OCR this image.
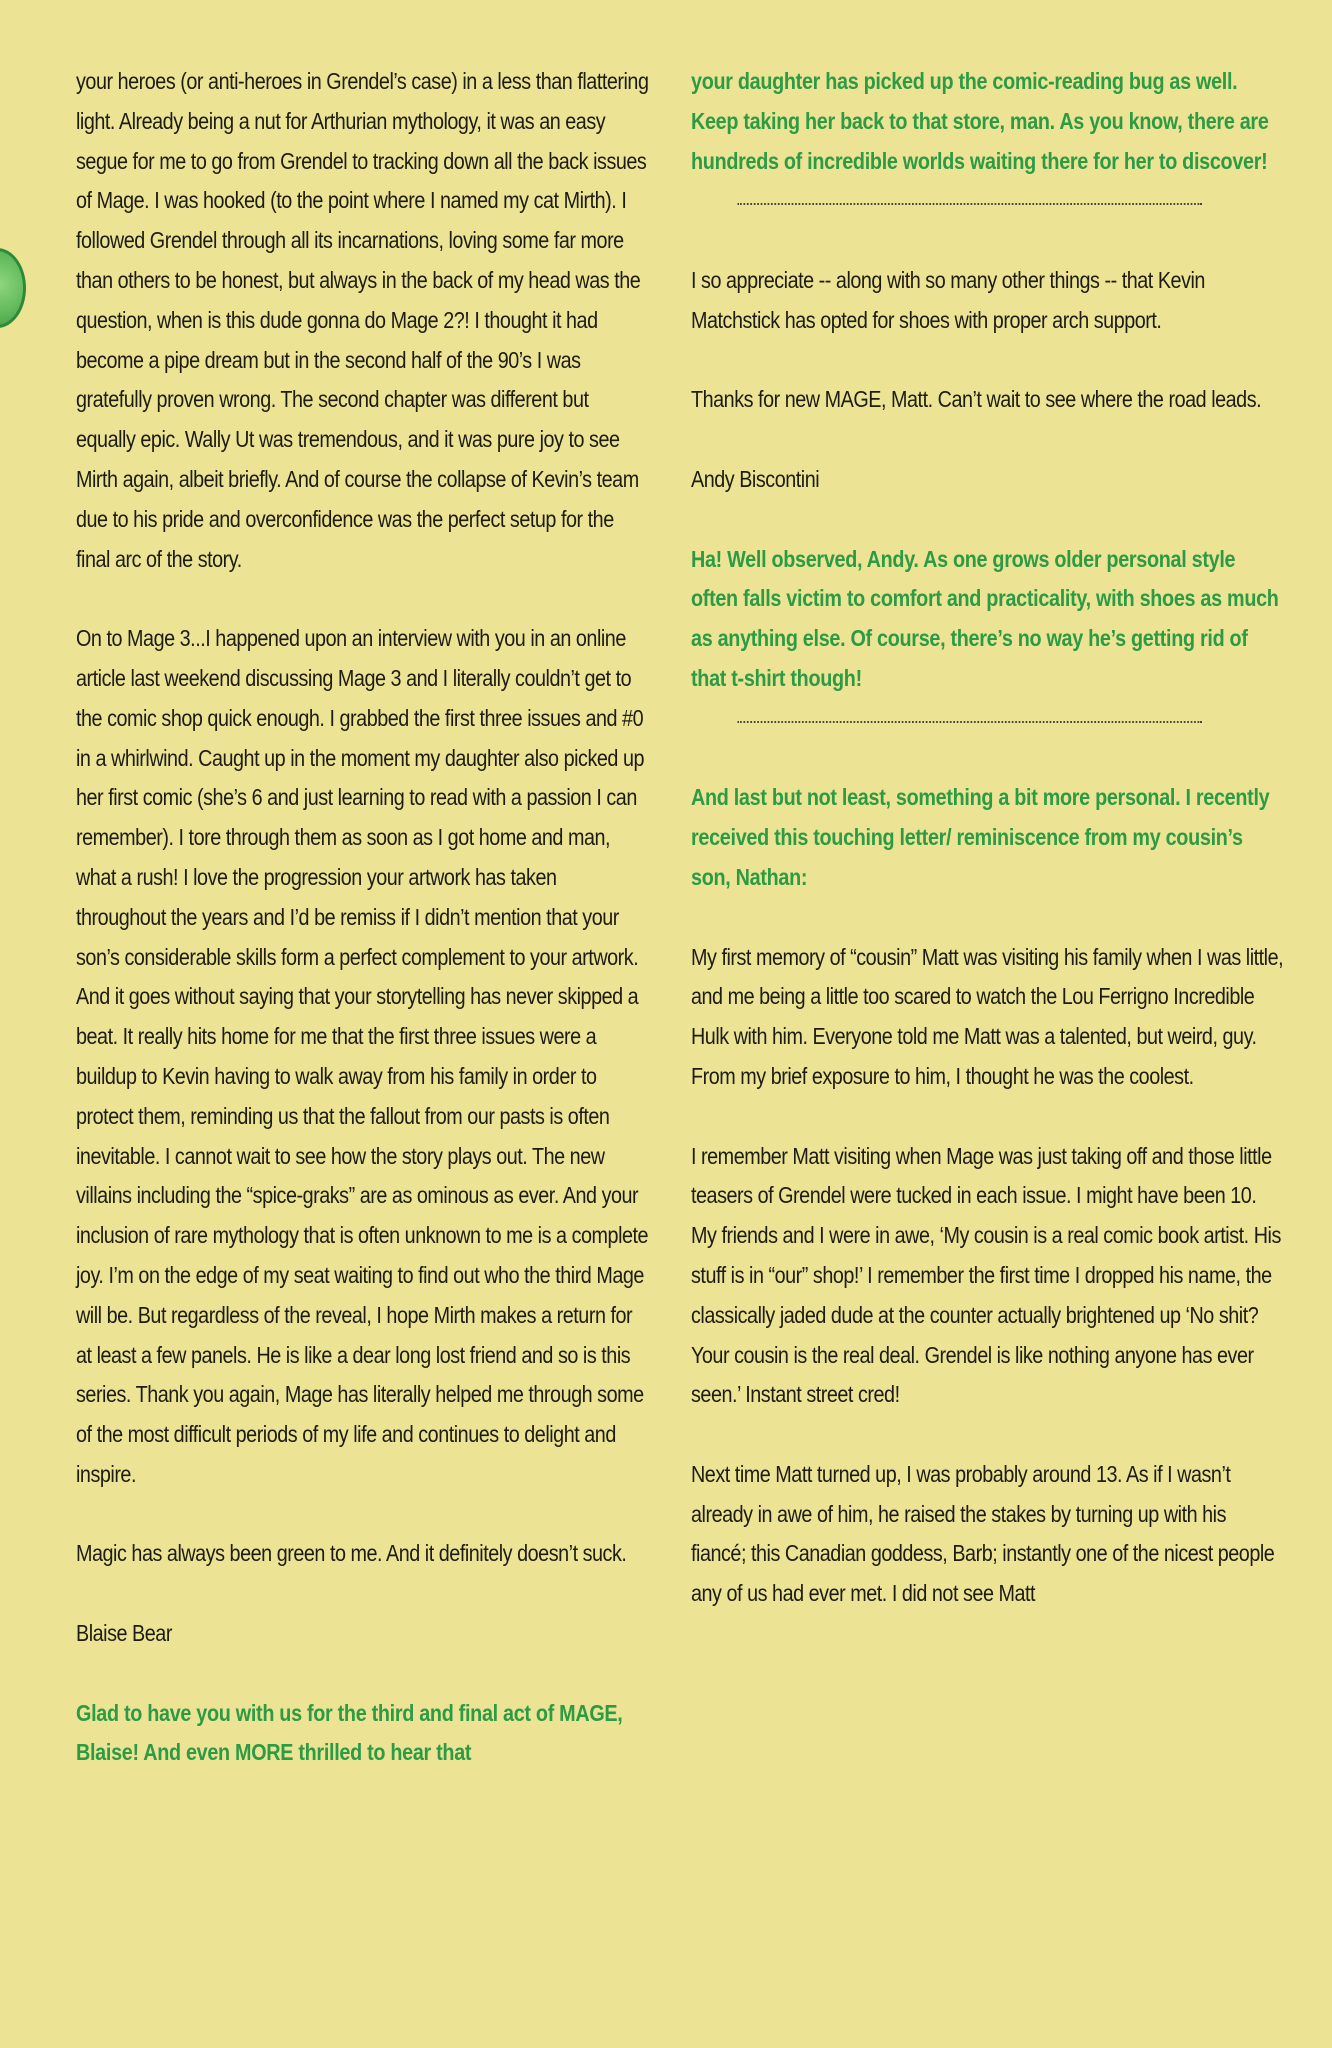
your heroes (or anti-heroes in Grendel’s case) in a less than flattering light. Already being a nut for Arthurian mythology, it was an easy segue for me to go from Grendel to tracking down all the back issues of Mage. I was hooked (to the point where I named my cat Mirth). I followed Grendel through all its incarnations, loving some far more than others to be honest, but always in the back of my head was the question, when is this dude gonna do Mage 2?! I thought it had become a pipe dream but in the second half of the 90’s I was gratefully proven wrong. The second chapter was different but equally epic. Wally Ut was tremendous, and it was pure joy to see Mirth again, albeit briefly. And of course the collapse of Kevin’s team due to his pride and overconfidence was the perfect setup for the final arc of the story.

On to Mage 3...I happened upon an interview with you in an online article last weekend discussing Mage 3 and I literally couldn’t get to the comic shop quick enough. I grabbed the first three issues and #0 in a whirlwind. Caught up in the moment my daughter also picked up her first comic (she’s 6 and just learning to read with a passion I can remember). I tore through them as soon as I got home and man, what a rush! I love the progression your artwork has taken throughout the years and I’d be remiss if I didn’t mention that your son’s considerable skills form a perfect complement to your artwork. And it goes without saying that your storytelling has never skipped a beat. It really hits home for me that the first three issues were a buildup to Kevin having to walk away from his family in order to protect them, reminding us that the fallout from our pasts is often inevitable. I cannot wait to see how the story plays out. The new villains including the “spice-graks” are as ominous as ever. And your inclusion of rare mythology that is often unknown to me is a complete joy. I’m on the edge of my seat waiting to find out who the third Mage will be. But regardless of the reveal, I hope Mirth makes a return for at least a few panels. He is like a dear long lost friend and so is this series. Thank you again, Mage has literally helped me through some of the most difficult periods of my life and continues to delight and inspire.

Magic has always been green to me. And it definitely doesn’t suck.

Blaise Bear

Glad to have you with us for the third and final act of MAGE, Blaise! And even MORE thrilled to hear that

your daughter has picked up the comic-reading bug as well. Keep taking her back to that store, man. As you know, there are hundreds of incredible worlds waiting there for her to discover!

I so appreciate -- along with so many other things -- that Kevin Matchstick has opted for shoes with proper arch support.

Thanks for new MAGE, Matt. Can’t wait to see where the road leads.

Andy Biscontini

Ha! Well observed, Andy. As one grows older personal style often falls victim to comfort and practicality, with shoes as much as anything else. Of course, there’s no way he’s getting rid of that t-shirt though!

And last but not least, something a bit more personal. I recently received this touching letter/ reminiscence from my cousin’s son, Nathan:

My first memory of “cousin” Matt was visiting his family when I was little, and me being a little too scared to watch the Lou Ferrigno Incredible Hulk with him. Everyone told me Matt was a talented, but weird, guy. From my brief exposure to him, I thought he was the coolest.

I remember Matt visiting when Mage was just taking off and those little teasers of Grendel were tucked in each issue. I might have been 10. My friends and I were in awe, ‘My cousin is a real comic book artist. His stuff is in “our” shop!’ I remember the first time I dropped his name, the classically jaded dude at the counter actually brightened up ‘No shit? Your cousin is the real deal. Grendel is like nothing anyone has ever seen.’ Instant street cred!

Next time Matt turned up, I was probably around 13. As if I wasn’t already in awe of him, he raised the stakes by turning up with his fiancé; this Canadian goddess, Barb; instantly one of the nicest people any of us had ever met. I did not see Matt
